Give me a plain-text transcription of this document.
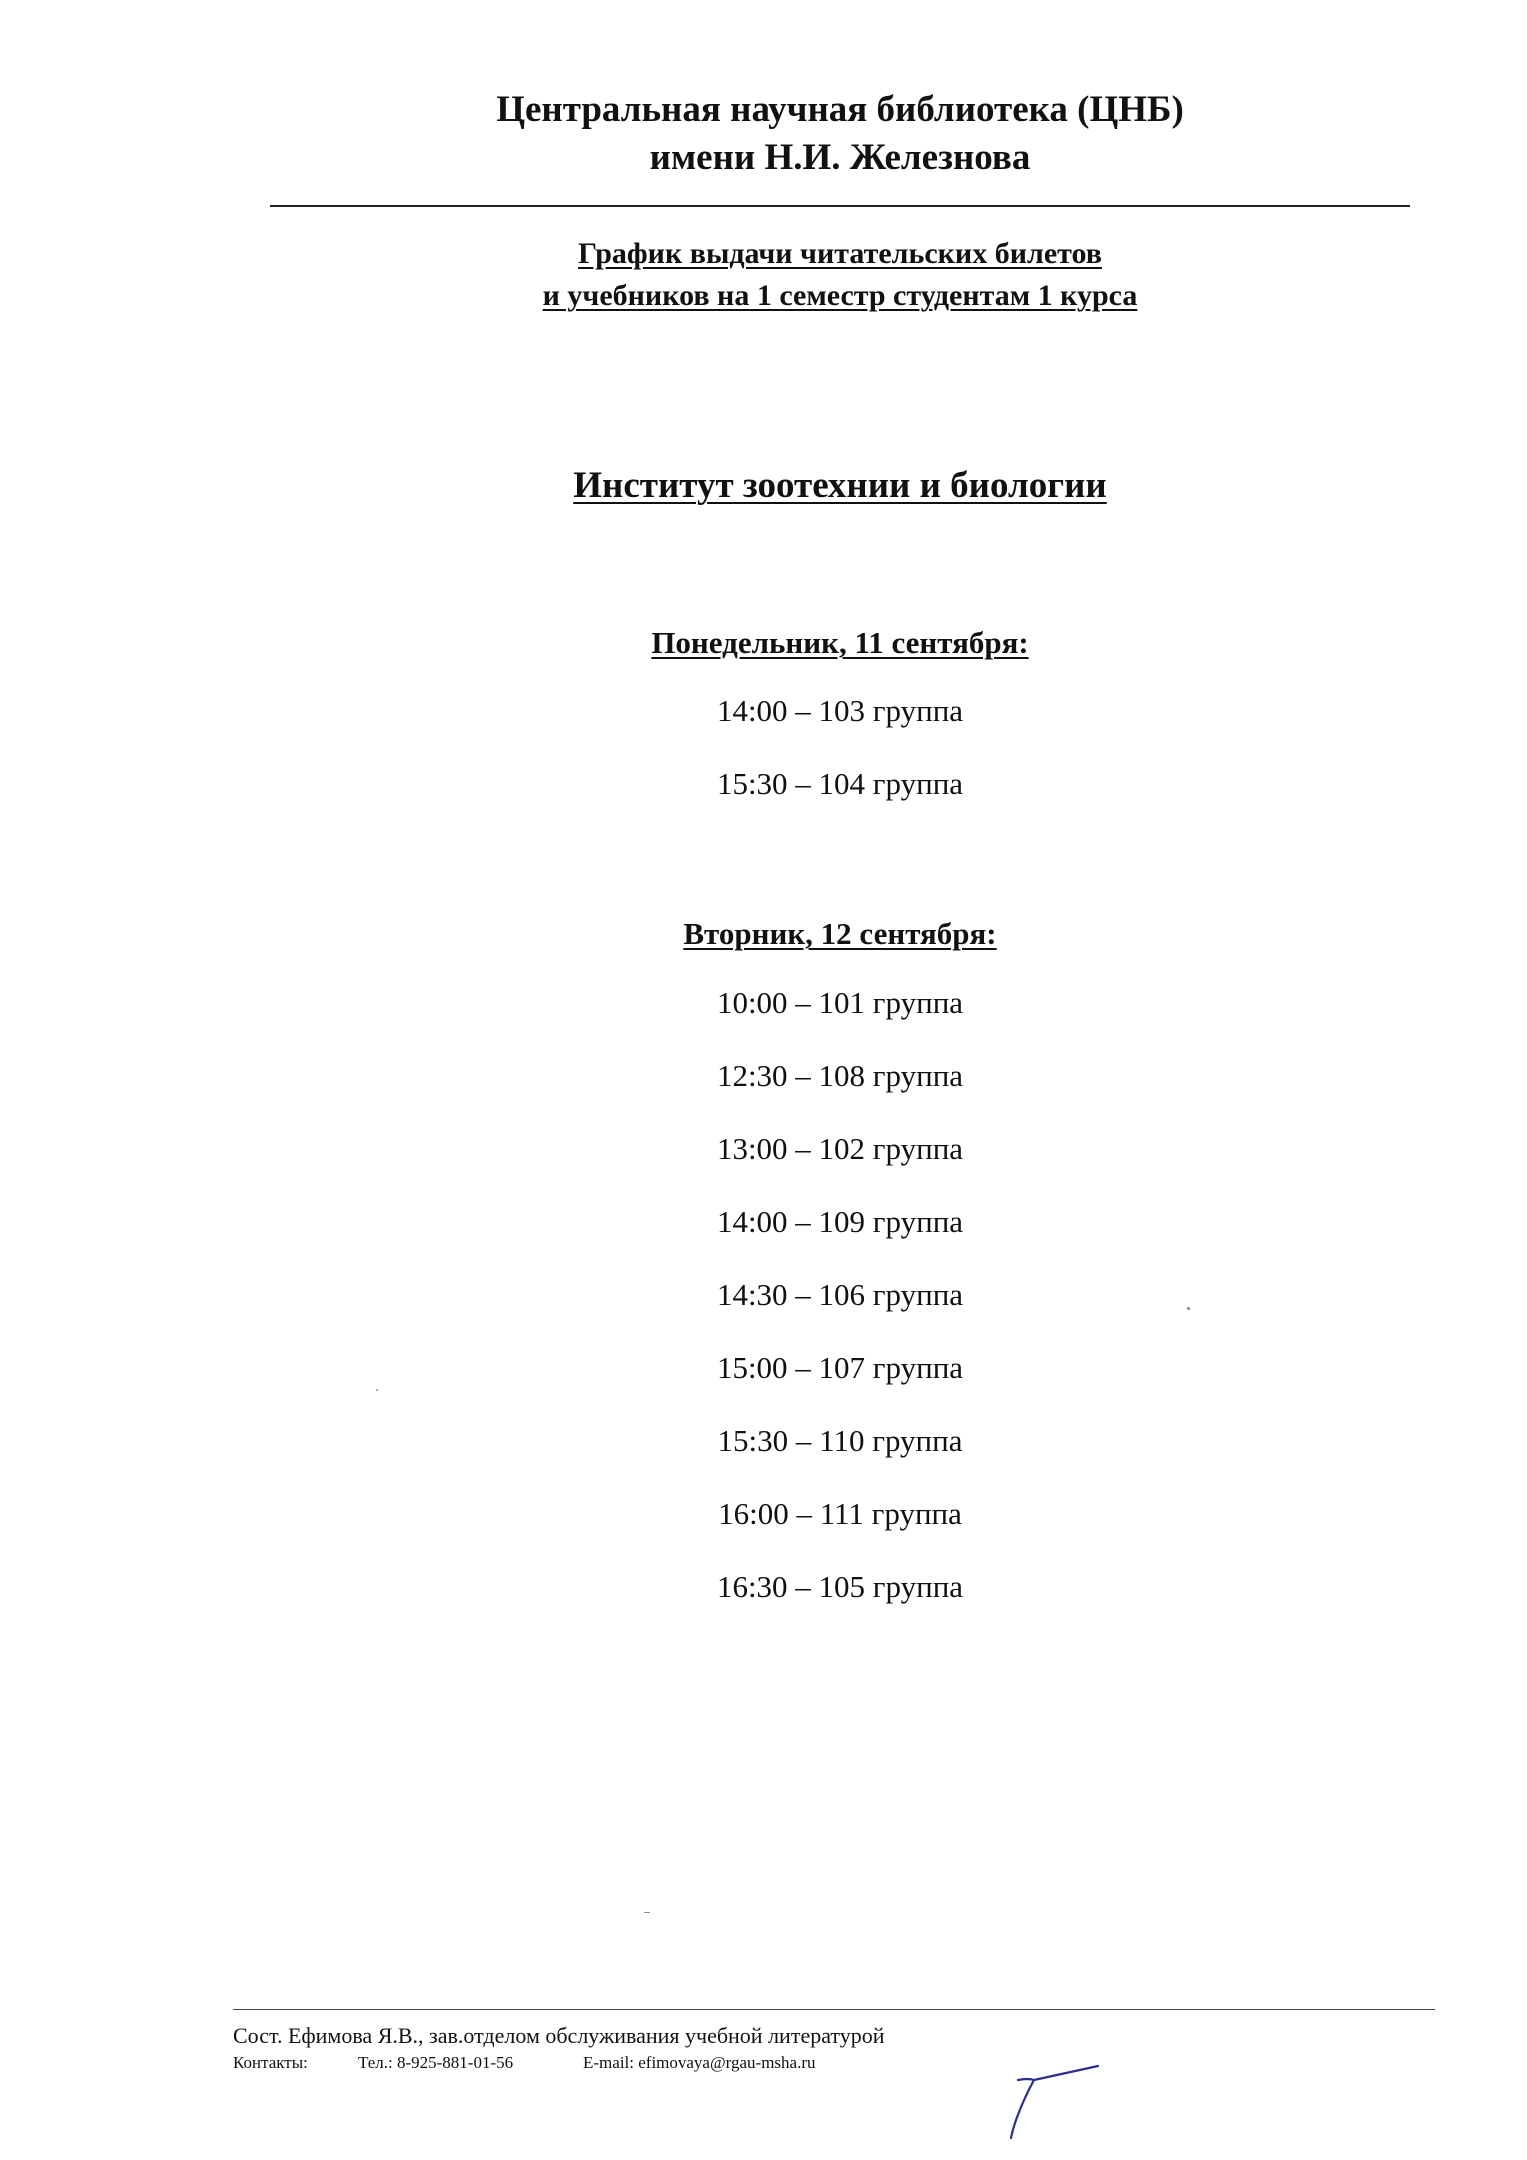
Центральная научная библиотека (ЦНБ)
имени Н.И. Железнова
График выдачи читательских билетов
и учебников на 1 семестр студентам 1 курса
Институт зоотехнии и биологии
Понедельник, 11 сентября:
14:00 – 103 группа
15:30 – 104 группа
Вторник, 12 сентября:
10:00 – 101 группа
12:30 – 108 группа
13:00 – 102 группа
14:00 – 109 группа
14:30 – 106 группа
15:00 – 107 группа
15:30 – 110 группа
16:00 – 111 группа
16:30 – 105 группа
Сост. Ефимова Я.В., зав.отделом обслуживания учебной литературой
Контакты:	Тел.: 8-925-881-01-56	E-mail: efimovaya@rgau-msha.ru
